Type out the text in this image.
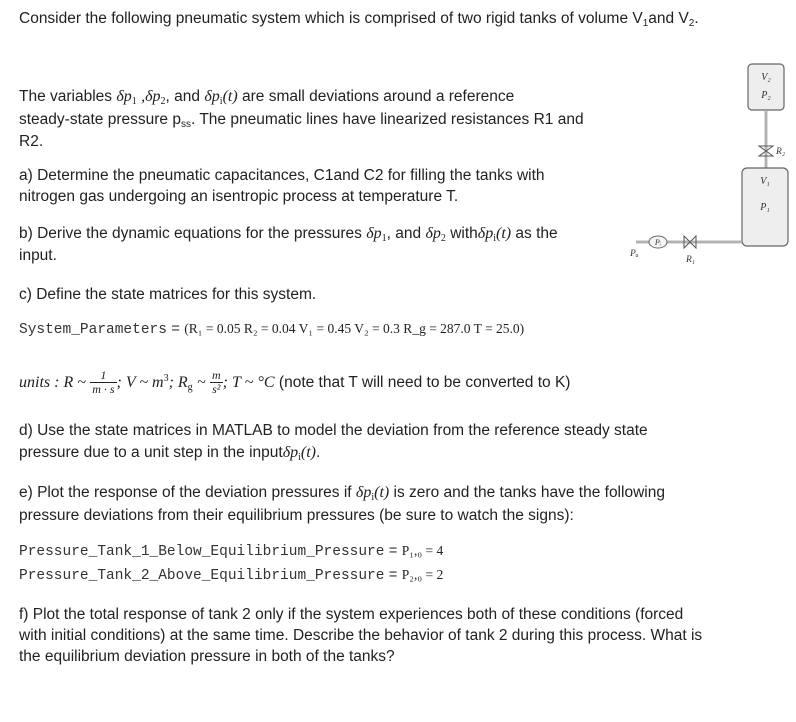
Consider the following pneumatic system which is comprised of two rigid tanks of volume $V_1and$ $V_2$.
The variables $\delta p_1$ $,\delta p_2$, and $\delta p_i(t)$ are small deviations around a reference
steady-state pressure $p_{ss}$. The pneumatic lines have linearized resistances R1 and
R2.
a) Determine the pneumatic capacitances, C1and C2 for filling the tanks with
nitrogen gas undergoing an isentropic process at temperature T.
b) Derive the dynamic equations for the pressures $\delta p_1$, and $\delta p_2$ withδp$_i$(t) as the
input.
c) Define the state matrices for this system.
System_Parameters = (R₁ = 0.05 R₂ = 0.04 V₁ = 0.45 V₂ = 0.3 R_g = 287.0 T = 25.0)
units : R ~ $\frac{1}{m \cdot s}$ ; V ~ $m^3$; $R_g$ ~ $\frac{m}{\text{s²}}$ ; T ~ °C (note that T will need to be converted to K)
d) Use the state matrices in MATLAB to model the deviation from the reference steady state
pressure due to a unit step in the inputδp$_i$(t).
e) Plot the response of the deviation pressures if $\delta p_i(t)$ is zero and the tanks have the following
pressure deviations from their equilibrium pressures (be sure to watch the signs):
Pressure_Tank_1_Below_Equilibrium_Pressure = P₁,₀ = 4
Pressure_Tank_2_Above_Equilibrium_Pressure = P₂,₀ = 2
f) Plot the total response of tank 2 only if the system experiences both of these conditions (forced
with initial conditions) at the same time. Describe the behavior of tank 2 during this process. What is
the equilibrium deviation pressure in both of the tanks?
V₂
P₂
R₂
V₁
P₁
Pᵢ
R₁
Pₐ
